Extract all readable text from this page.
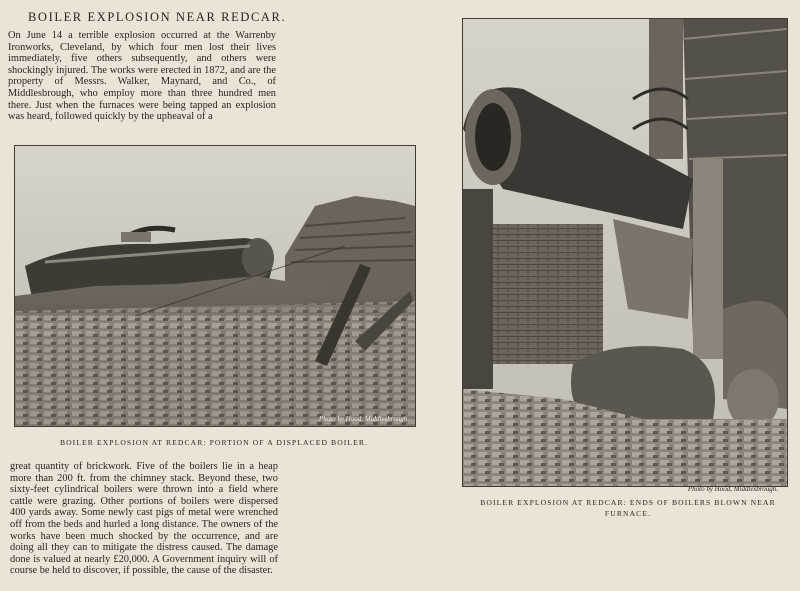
BOILER EXPLOSION NEAR REDCAR.

On June 14 a terrible explosion occurred at the Warrenby Ironworks, Cleveland, by which four men lost their lives immediately, five others subsequently, and others were shockingly injured. The works were erected in 1872, and are the property of Messrs. Walker, Maynard, and Co., of Middlesbrough, who employ more than three hundred men there. Just when the furnaces were being tapped an explosion was heard, followed quickly by the upheaval of a

Photo by Hood, Middlesbrough.
BOILER EXPLOSION AT REDCAR: PORTION OF A DISPLACED BOILER.

great quantity of brickwork. Five of the boilers lie in a heap more than 200 ft. from the chimney stack. Beyond these, two sixty-feet cylindrical boilers were thrown into a field where cattle were grazing. Other portions of boilers were dispersed 400 yards away. Some newly cast pigs of metal were wrenched off from the beds and hurled a long distance. The owners of the works have been much shocked by the occurrence, and are doing all they can to mitigate the distress caused. The damage done is valued at nearly £20,000. A Government inquiry will of course be held to discover, if possible, the cause of the disaster.

Photo by Hood, Middlesbrough.
BOILER EXPLOSION AT REDCAR: ENDS OF BOILERS BLOWN NEAR FURNACE.
